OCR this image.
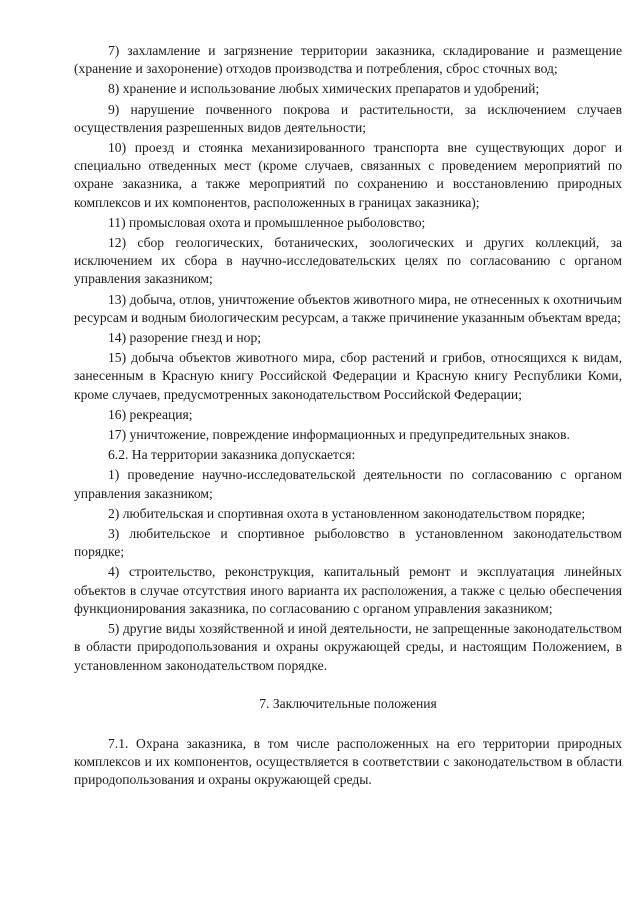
7) захламление и загрязнение территории заказника, складирование и размещение (хранение и захоронение) отходов производства и потребления, сброс сточных вод;

8) хранение и использование любых химических препаратов и удобрений;

9) нарушение почвенного покрова и растительности, за исключением случаев осуществления разрешенных видов деятельности;

10) проезд и стоянка механизированного транспорта вне существующих дорог и специально отведенных мест (кроме случаев, связанных с проведением мероприятий по охране заказника, а также мероприятий по сохранению и восстановлению природных комплексов и их компонентов, расположенных в границах заказника);

11) промысловая охота и промышленное рыболовство;

12) сбор геологических, ботанических, зоологических и других коллекций, за исключением их сбора в научно-исследовательских целях по согласованию с органом управления заказником;

13) добыча, отлов, уничтожение объектов животного мира, не отнесенных к охотничьим ресурсам и водным биологическим ресурсам, а также причинение указанным объектам вреда;

14) разорение гнезд и нор;

15) добыча объектов животного мира, сбор растений и грибов, относящихся к видам, занесенным в Красную книгу Российской Федерации и Красную книгу Республики Коми, кроме случаев, предусмотренных законодательством Российской Федерации;

16) рекреация;

17) уничтожение, повреждение информационных и предупредительных знаков.

6.2. На территории заказника допускается:

1) проведение научно-исследовательской деятельности по согласованию с органом управления заказником;

2) любительская и спортивная охота в установленном законодательством порядке;

3) любительское и спортивное рыболовство в установленном законодательством порядке;

4) строительство, реконструкция, капитальный ремонт и эксплуатация линейных объектов в случае отсутствия иного варианта их расположения, а также с целью обеспечения функционирования заказника, по согласованию с органом управления заказником;

5) другие виды хозяйственной и иной деятельности, не запрещенные законодательством в области природопользования и охраны окружающей среды, и настоящим Положением, в установленном законодательством порядке.

7. Заключительные положения

7.1. Охрана заказника, в том числе расположенных на его территории природных комплексов и их компонентов, осуществляется в соответствии с законодательством в области природопользования и охраны окружающей среды.
